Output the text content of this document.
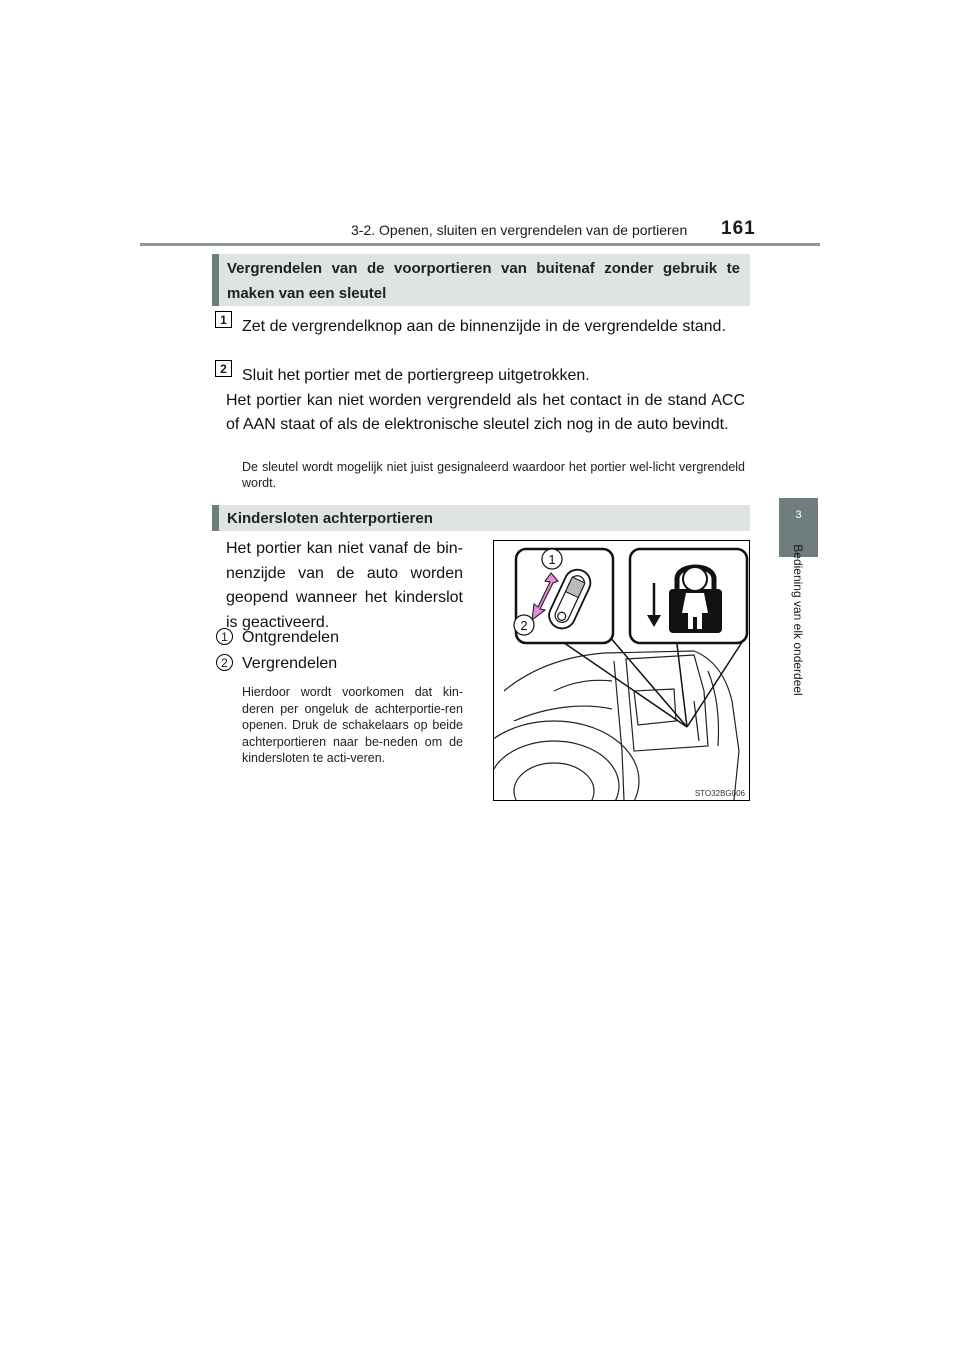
3-2. Openen, sluiten en vergrendelen van de portieren 161
3
Bediening van elk onderdeel
Vergrendelen van de voorportieren van buitenaf zonder gebruik te maken van een sleutel
1 Zet de vergrendelknop aan de binnenzijde in de vergrendelde stand.
2 Sluit het portier met de portiergreep uitgetrokken.
Het portier kan niet worden vergrendeld als het contact in de stand ACC of AAN staat of als de elektronische sleutel zich nog in de auto bevindt.
De sleutel wordt mogelijk niet juist gesignaleerd waardoor het portier wel-licht vergrendeld wordt.
Kindersloten achterportieren
Het portier kan niet vanaf de bin-nenzijde van de auto worden geopend wanneer het kinderslot is geactiveerd.
1 Ontgrendelen
2 Vergrendelen
Hierdoor wordt voorkomen dat kin-deren per ongeluk de achterportie-ren openen. Druk de schakelaars op beide achterportieren naar be-neden om de kindersloten te acti-veren.
1
2
STO32BG006
